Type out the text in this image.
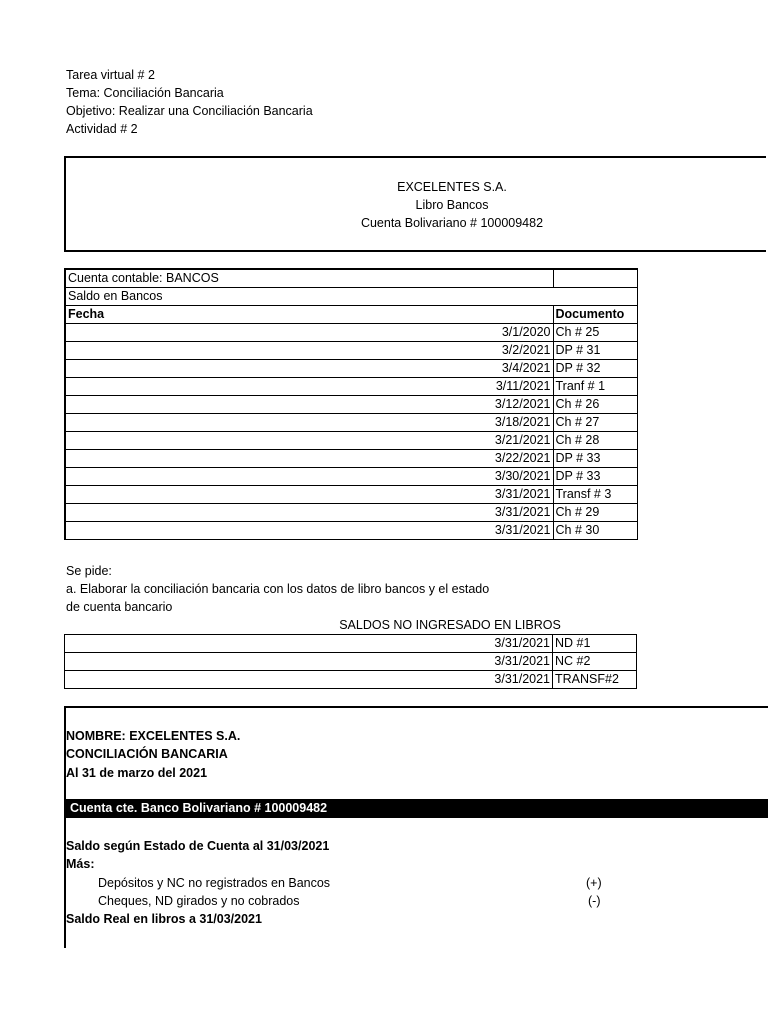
Tarea virtual # 2
Tema: Conciliación Bancaria
Objetivo: Realizar una Conciliación Bancaria
Actividad # 2
EXCELENTES S.A.
Libro Bancos
Cuenta Bolivariano # 100009482
Cuenta contable: BANCOS	
Saldo en Bancos	
Fecha	Documento
3/1/2020	Ch # 25
3/2/2021	DP # 31
3/4/2021	DP # 32
3/11/2021	Tranf # 1
3/12/2021	Ch # 26
3/18/2021	Ch # 27
3/21/2021	Ch # 28
3/22/2021	DP # 33
3/30/2021	DP # 33
3/31/2021	Transf # 3
3/31/2021	Ch # 29
3/31/2021	Ch # 30
Se pide:
a. Elaborar la conciliación bancaria con los datos de libro bancos y el estado
de cuenta bancario
SALDOS NO INGRESADO EN LIBROS
3/31/2021	ND #1
3/31/2021	NC #2
3/31/2021	TRANSF#2
NOMBRE: EXCELENTES S.A.
CONCILIACIÓN BANCARIA
Al 31 de marzo del 2021
Cuenta cte. Banco Bolivariano # 100009482
Saldo según Estado de Cuenta al 31/03/2021
Más:
Depósitos y NC no registrados en Bancos	(+)
Cheques, ND girados y no cobrados	(-)
Saldo Real en libros a 31/03/2021
